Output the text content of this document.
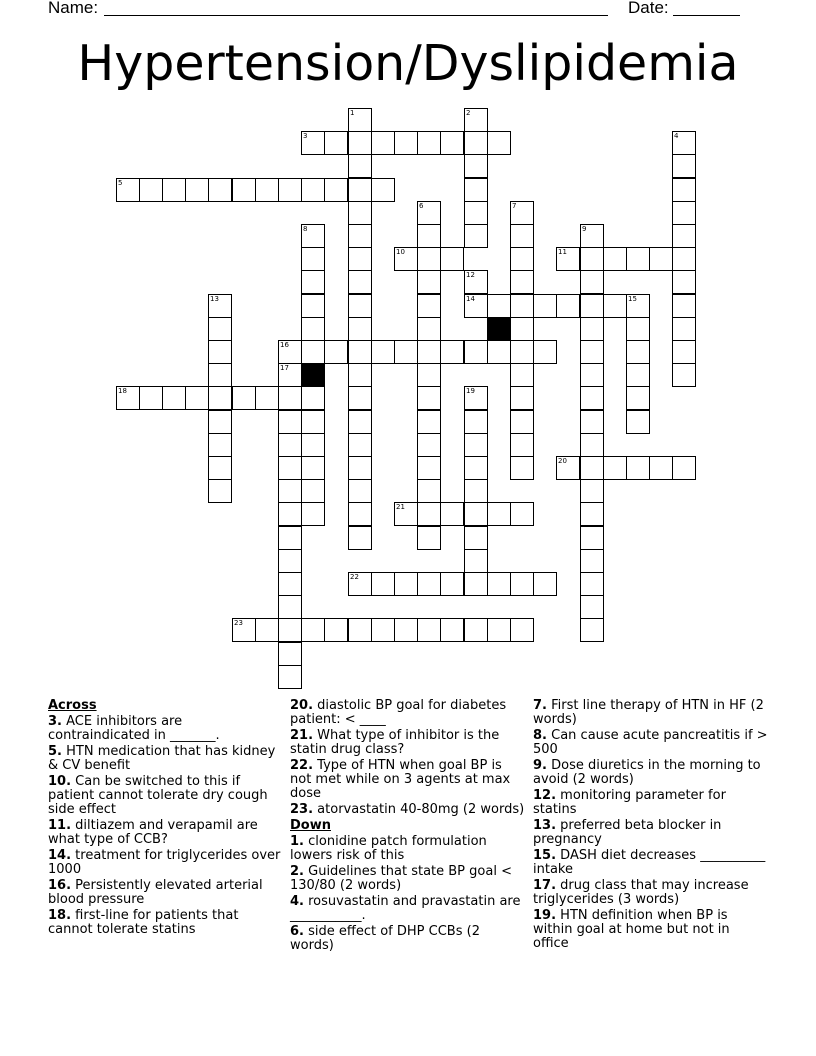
Name:	Date:
Hypertension/Dyslipidemia
3
5
10	11
14	15
16
18
20
21
22
23
1	2
4
6	7
8	9
12
13
17
19
Across
3. ACE inhibitors are contraindicated in _______.
5. HTN medication that has kidney & CV benefit
10. Can be switched to this if patient cannot tolerate dry cough side effect
11. diltiazem and verapamil are what type of CCB?
14. treatment for triglycerides over 1000
16. Persistently elevated arterial blood pressure
18. first-line for patients that cannot tolerate statins
20. diastolic BP goal for diabetes patient: < ____
21. What type of inhibitor is the statin drug class?
22. Type of HTN when goal BP is not met while on 3 agents at max dose
23. atorvastatin 40-80mg (2 words)
Down
1. clonidine patch formulation lowers risk of this
2. Guidelines that state BP goal < 130/80 (2 words)
4. rosuvastatin and pravastatin are ___________.
6. side effect of DHP CCBs (2 words)
7. First line therapy of HTN in HF (2 words)
8. Can cause acute pancreatitis if > 500
9. Dose diuretics in the morning to avoid (2 words)
12. monitoring parameter for statins
13. preferred beta blocker in pregnancy
15. DASH diet decreases __________ intake
17. drug class that may increase triglycerides (3 words)
19. HTN definition when BP is within goal at home but not in office
